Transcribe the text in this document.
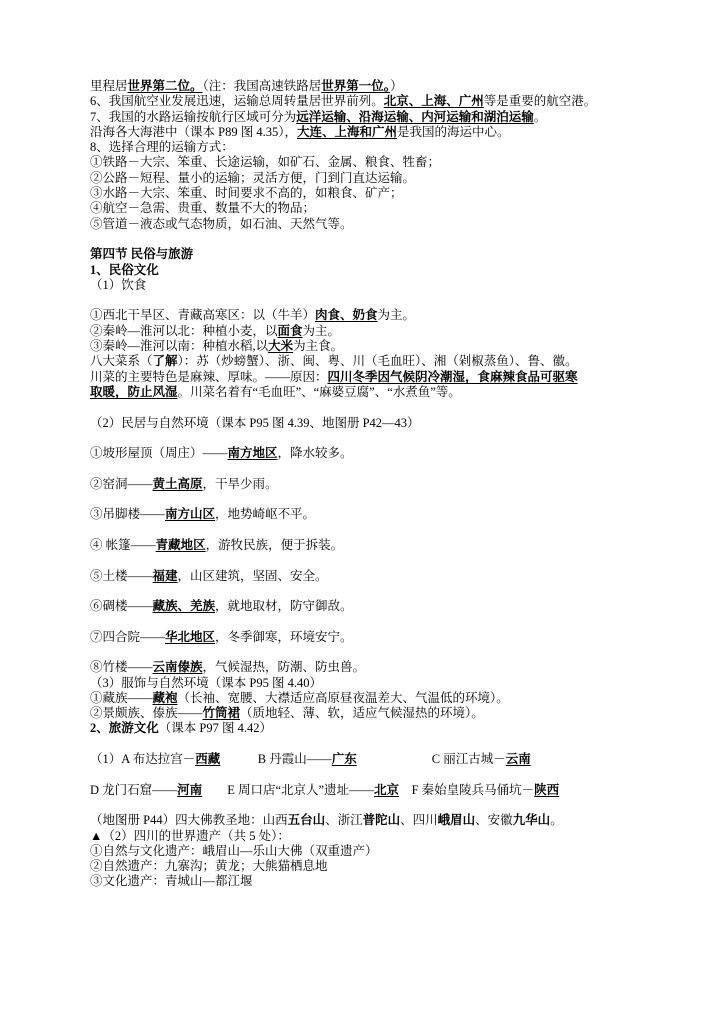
里程居世界第二位。（注：我国高速铁路居世界第一位。）

6、我国航空业发展迅速，运输总周转量居世界前列。北京、上海、广州等是重要的航空港。

7、我国的水路运输按航行区域可分为远洋运输、沿海运输、内河运输和湖泊运输。

沿海各大海港中（课本 P89 图 4.35），大连、上海和广州是我国的海运中心。

8、选择合理的运输方式：

①铁路－大宗、笨重、长途运输，如矿石、金属、粮食、牲畜；

②公路－短程、量小的运输；灵活方便，门到门直达运输。

③水路－大宗、笨重、时间要求不高的，如粮食、矿产；

④航空－急需、贵重、数量不大的物品；

⑤管道－液态或气态物质，如石油、天然气等。

第四节 民俗与旅游

1、民俗文化

（1）饮食

①西北干旱区、青藏高寒区：以（牛羊）肉食、奶食为主。

②秦岭—淮河以北：种植小麦，以面食为主。

③秦岭—淮河以南：种植水稻,以大米为主食。

八大菜系（了解）：苏（炒螃蟹）、浙、闽、粤、川（毛血旺）、湘（剁椒蒸鱼）、鲁、徽。

川菜的主要特色是麻辣、厚味。——原因：四川冬季因气候阴冷潮湿，食麻辣食品可驱寒

取暖，防止风湿。川菜名着有“毛血旺”、“麻婆豆腐”、“水煮鱼”等。

（2）民居与自然环境（课本 P95 图 4.39、地图册 P42—43）

①坡形屋顶（周庄）——南方地区，降水较多。

②窑洞——黄土高原，干旱少雨。

③吊脚楼——南方山区，地势崎岖不平。

④ 帐篷——青藏地区，游牧民族，便于拆装。

⑤土楼——福建，山区建筑，坚固、安全。

⑥碉楼——藏族、羌族，就地取材，防守御敌。

⑦四合院——华北地区，冬季御寒，环境安宁。

⑧竹楼——云南傣族，气候湿热，防潮、防虫兽。

（3）服饰与自然环境（课本 P95 图 4.40）

①藏族——藏袍（长袖、宽腰、大襟适应高原昼夜温差大、气温低的环境）。

②景颇族、傣族——竹筒裙（质地轻、薄、软，适应气候湿热的环境）。

2、旅游文化（课本 P97 图 4.42）

（1）A 布达拉宫－西藏　　　	B 丹霞山——广东　　　　　　	C 丽江古城－云南

D 龙门石窟——河南　　 E 周口店“北京人”遗址——北京　 F 秦始皇陵兵马俑坑－陕西

（地图册 P44）四大佛教圣地：山西五台山、浙江普陀山、四川峨眉山、安徽九华山。

▲（2）四川的世界遗产（共 5 处）：

①自然与文化遗产：峨眉山—乐山大佛（双重遗产）

②自然遗产：九寨沟；黄龙；大熊猫栖息地

③文化遗产：青城山—都江堰
